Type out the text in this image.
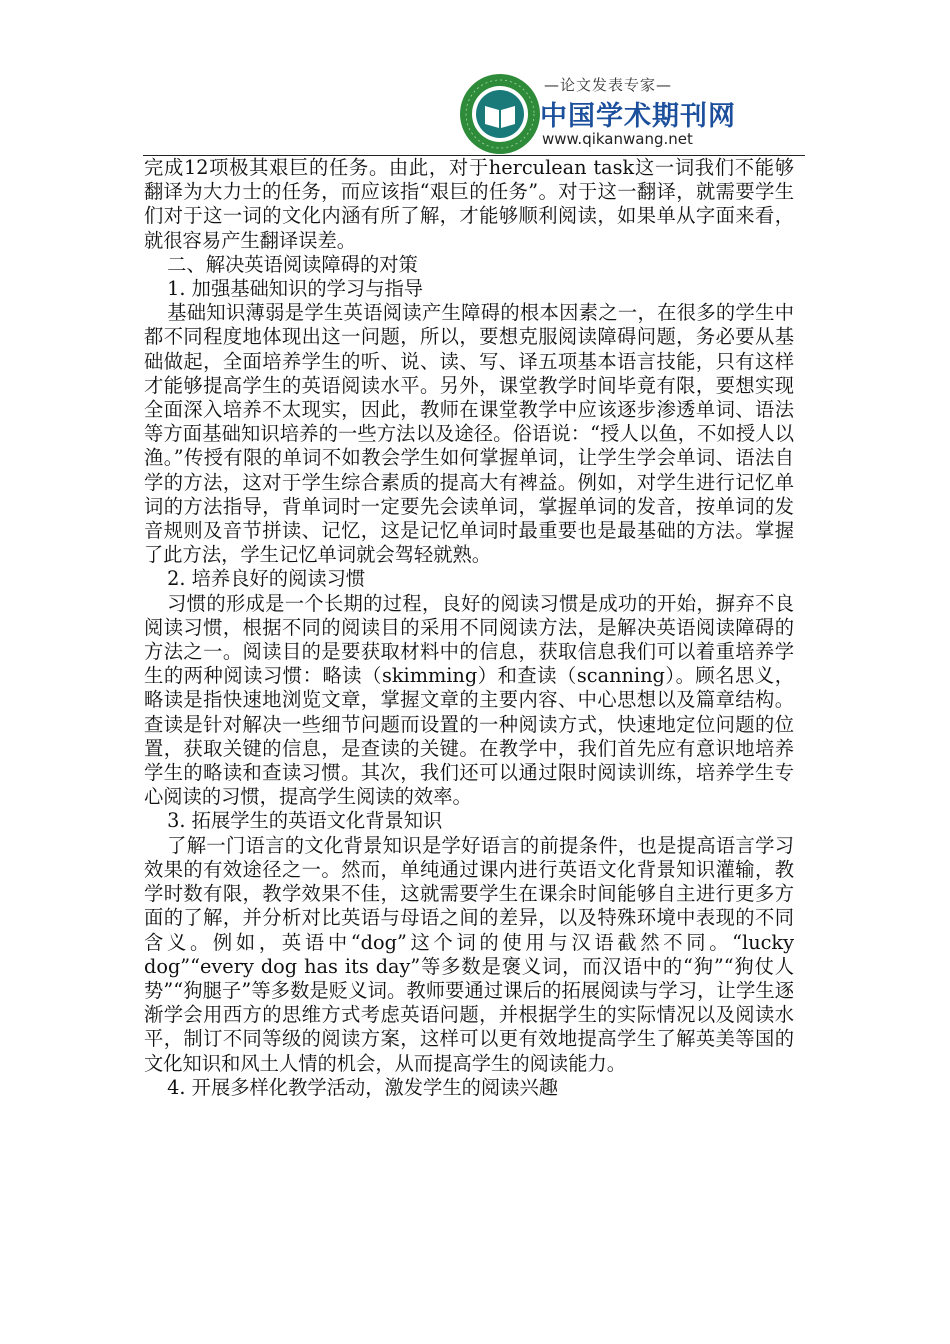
—论文发表专家—
中国学术期刊网
www.qikanwang.net

完成12项极其艰巨的任务。由此，对于herculean task这一词我们不能够翻译为大力士的任务，而应该指“艰巨的任务”。对于这一翻译，就需要学生们对于这一词的文化内涵有所了解，才能够顺利阅读，如果单从字面来看，就很容易产生翻译误差。

二、解决英语阅读障碍的对策

1. 加强基础知识的学习与指导

基础知识薄弱是学生英语阅读产生障碍的根本因素之一，在很多的学生中都不同程度地体现出这一问题，所以，要想克服阅读障碍问题，务必要从基础做起，全面培养学生的听、说、读、写、译五项基本语言技能，只有这样才能够提高学生的英语阅读水平。另外，课堂教学时间毕竟有限，要想实现全面深入培养不太现实，因此，教师在课堂教学中应该逐步渗透单词、语法等方面基础知识培养的一些方法以及途径。俗语说：“授人以鱼，不如授人以渔。”传授有限的单词不如教会学生如何掌握单词，让学生学会单词、语法自学的方法，这对于学生综合素质的提高大有裨益。例如，对学生进行记忆单词的方法指导，背单词时一定要先会读单词，掌握单词的发音，按单词的发音规则及音节拼读、记忆，这是记忆单词时最重要也是最基础的方法。掌握了此方法，学生记忆单词就会驾轻就熟。

2. 培养良好的阅读习惯

习惯的形成是一个长期的过程，良好的阅读习惯是成功的开始，摒弃不良阅读习惯，根据不同的阅读目的采用不同阅读方法，是解决英语阅读障碍的方法之一。阅读目的是要获取材料中的信息，获取信息我们可以着重培养学生的两种阅读习惯：略读（skimming）和查读（scanning）。顾名思义，略读是指快速地浏览文章，掌握文章的主要内容、中心思想以及篇章结构。查读是针对解决一些细节问题而设置的一种阅读方式，快速地定位问题的位置，获取关键的信息，是查读的关键。在教学中，我们首先应有意识地培养学生的略读和查读习惯。其次，我们还可以通过限时阅读训练，培养学生专心阅读的习惯，提高学生阅读的效率。

3. 拓展学生的英语文化背景知识

了解一门语言的文化背景知识是学好语言的前提条件，也是提高语言学习效果的有效途径之一。然而，单纯通过课内进行英语文化背景知识灌输，教学时数有限，教学效果不佳，这就需要学生在课余时间能够自主进行更多方面的了解，并分析对比英语与母语之间的差异，以及特殊环境中表现的不同含义。例如，英语中“dog”这个词的使用与汉语截然不同。“lucky dog”“every dog has its day”等多数是褒义词，而汉语中的“狗”“狗仗人势”“狗腿子”等多数是贬义词。教师要通过课后的拓展阅读与学习，让学生逐渐学会用西方的思维方式考虑英语问题，并根据学生的实际情况以及阅读水平，制订不同等级的阅读方案，这样可以更有效地提高学生了解英美等国的文化知识和风土人情的机会，从而提高学生的阅读能力。

4. 开展多样化教学活动，激发学生的阅读兴趣
